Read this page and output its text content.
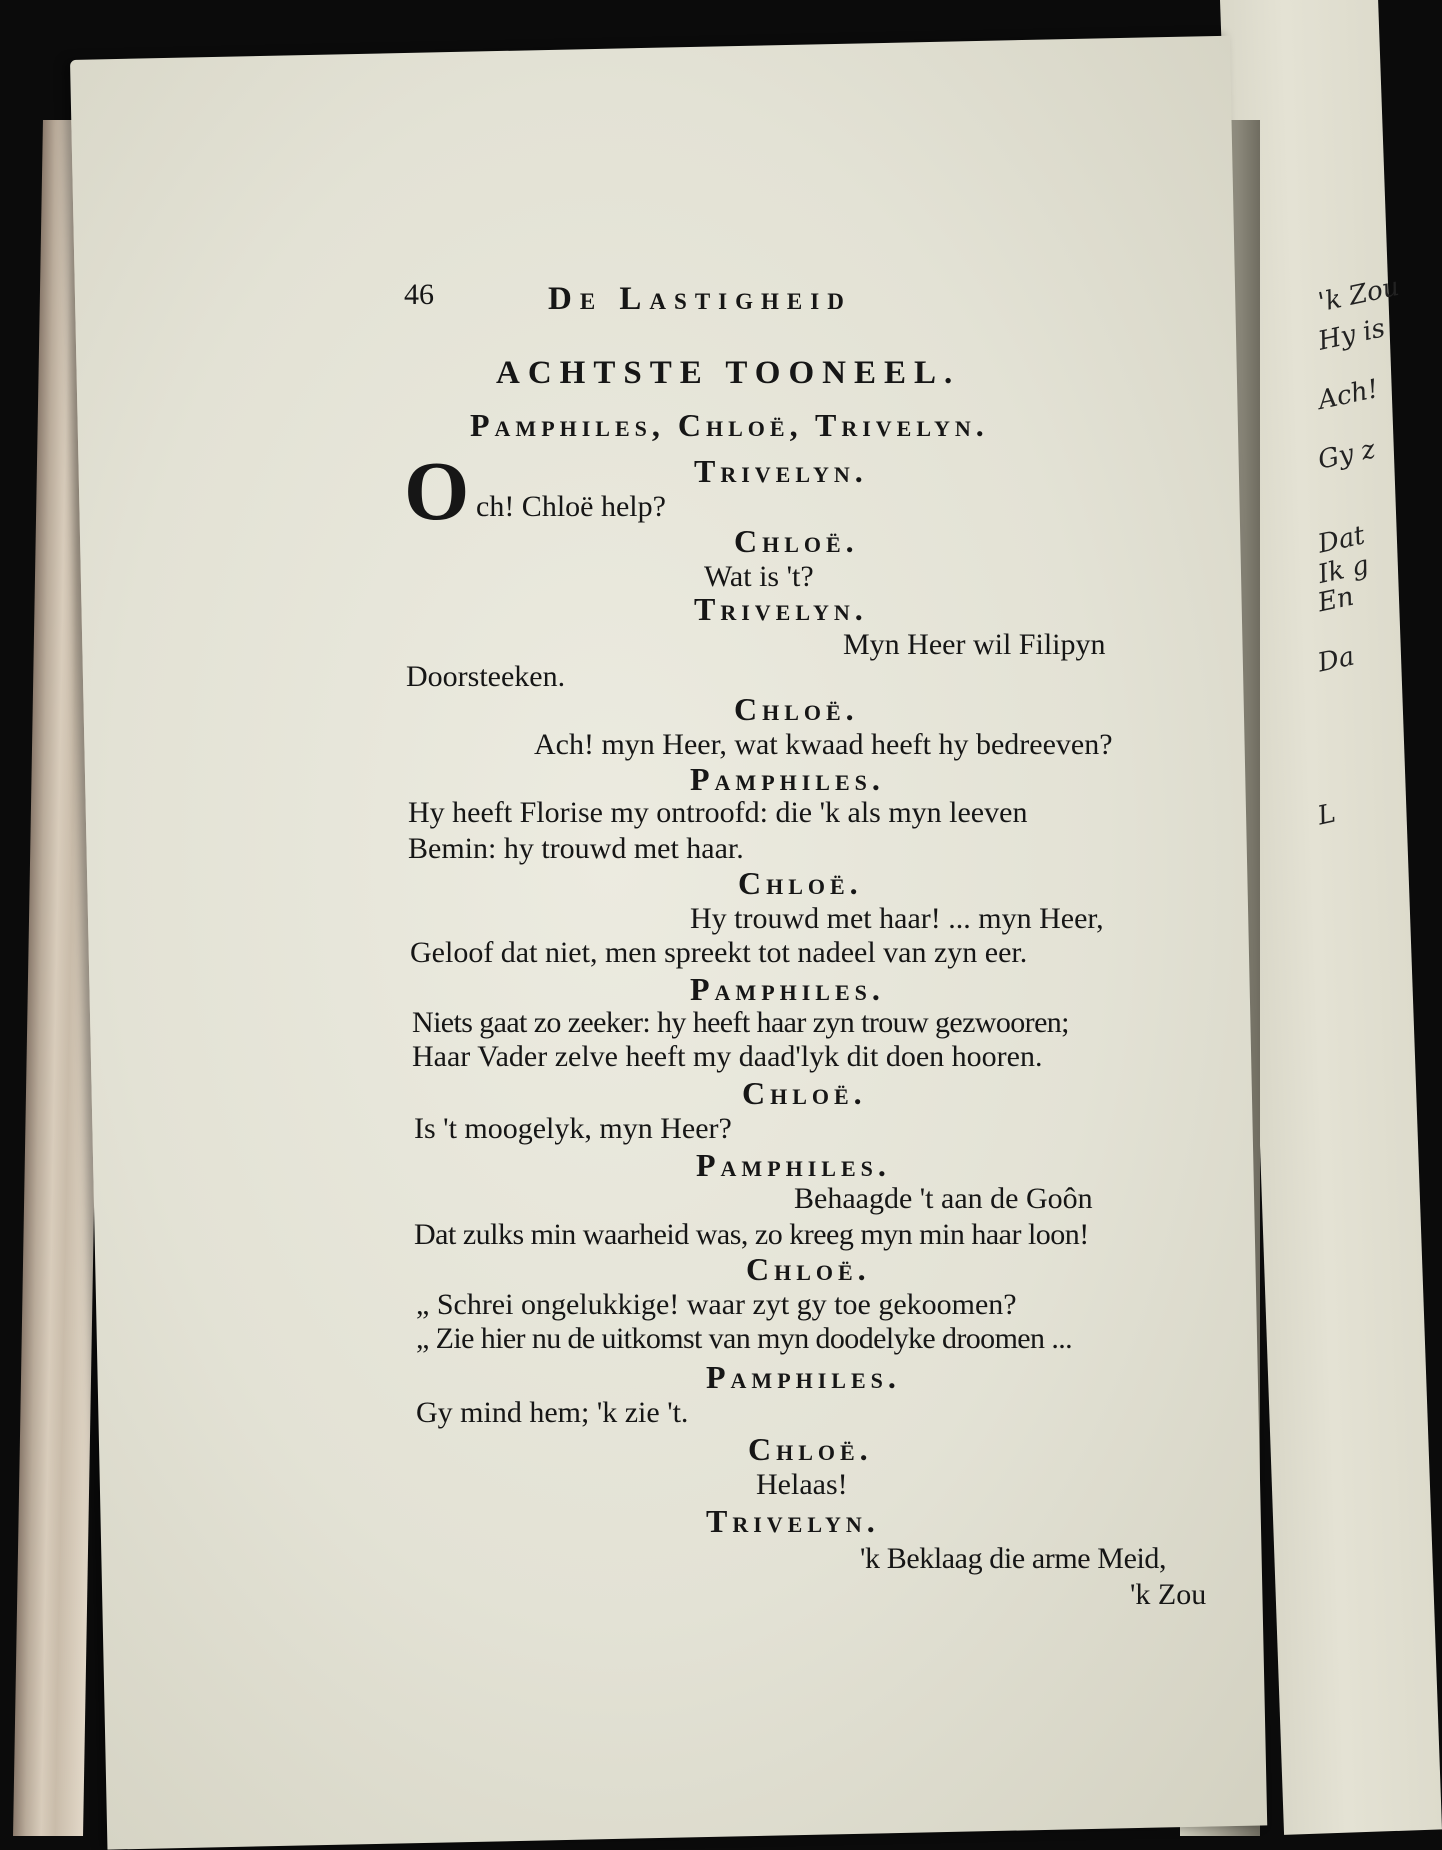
'k Zou
Hy is
Ach!
Gy z
Dat
Ik g
En
Da
L
46	De Lastigheid
ACHTSTE TOONEEL.
Pamphiles, Chloë, Trivelyn.
Trivelyn.
O ch! Chloë help?
Chloë.
Wat is 't?
Trivelyn.
Myn Heer wil Filipyn
Doorsteeken.
Chloë.
Ach! myn Heer, wat kwaad heeft hy bedreeven?
Pamphiles.
Hy heeft Florise my ontroofd: die 'k als myn leeven
Bemin: hy trouwd met haar.
Chloë.
Hy trouwd met haar! ... myn Heer,
Geloof dat niet, men spreekt tot nadeel van zyn eer.
Pamphiles.
Niets gaat zo zeeker: hy heeft haar zyn trouw gezwooren;
Haar Vader zelve heeft my daad'lyk dit doen hooren.
Chloë.
Is 't moogelyk, myn Heer?
Pamphiles.
Behaagde 't aan de Goôn
Dat zulks min waarheid was, zo kreeg myn min haar loon!
Chloë.
„ Schrei ongelukkige! waar zyt gy toe gekoomen?
„ Zie hier nu de uitkomst van myn doodelyke droomen ...
Pamphiles.
Gy mind hem; 'k zie 't.
Chloë.
Helaas!
Trivelyn.
'k Beklaag die arme Meid,
'k Zou
